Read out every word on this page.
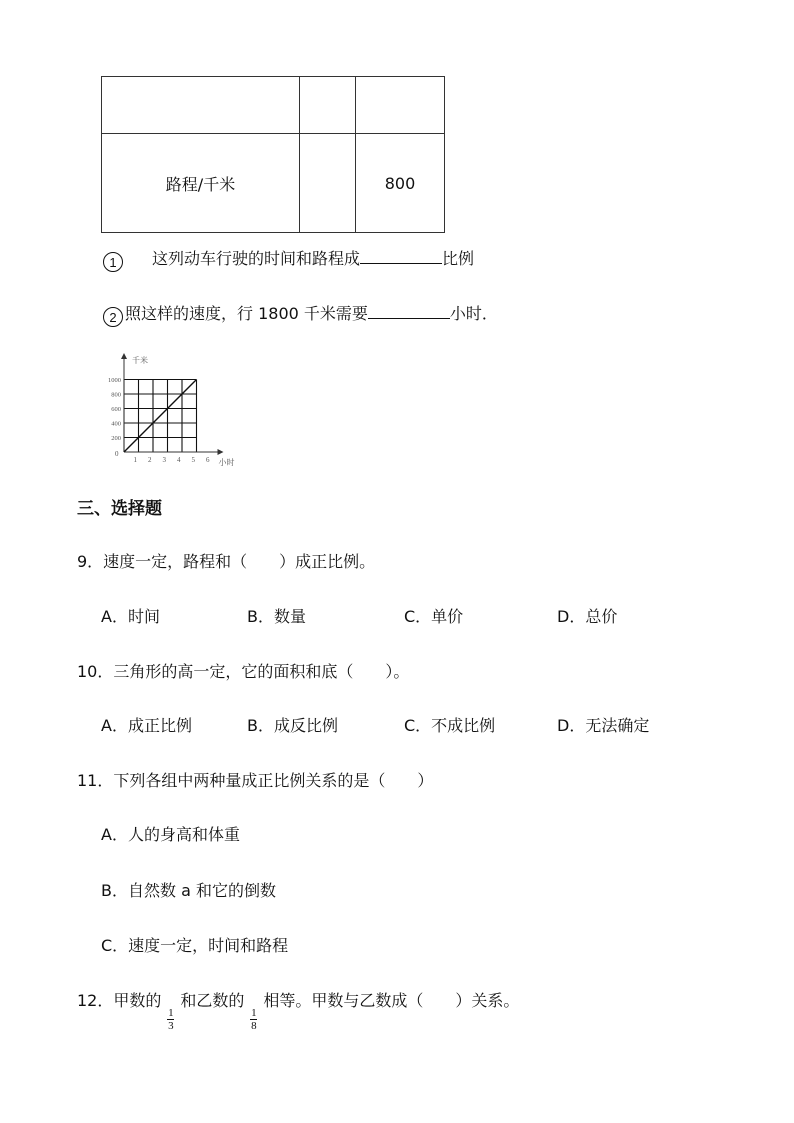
路程/千米		800
1 这列动车行驶的时间和路程成	比例
2 照这样的速度，行 1800 千米需要	小时．
千米
小时
0
200
400
600
800
1000
1 2 3 4 5 6
三、选择题
9．速度一定，路程和（　　）成正比例。
A．时间	B．数量	C．单价	D．总价
10．三角形的高一定，它的面积和底（　　）。
A．成正比例	B．成反比例	C．不成比例	D．无法确定
11．下列各组中两种量成正比例关系的是（　　）
A．人的身高和体重
B．自然数 a 和它的倒数
C．速度一定，时间和路程
12．甲数的
$\frac{1}{3}$
和乙数的
$\frac{1}{8}$
相等。甲数与乙数成（　　）关系。
